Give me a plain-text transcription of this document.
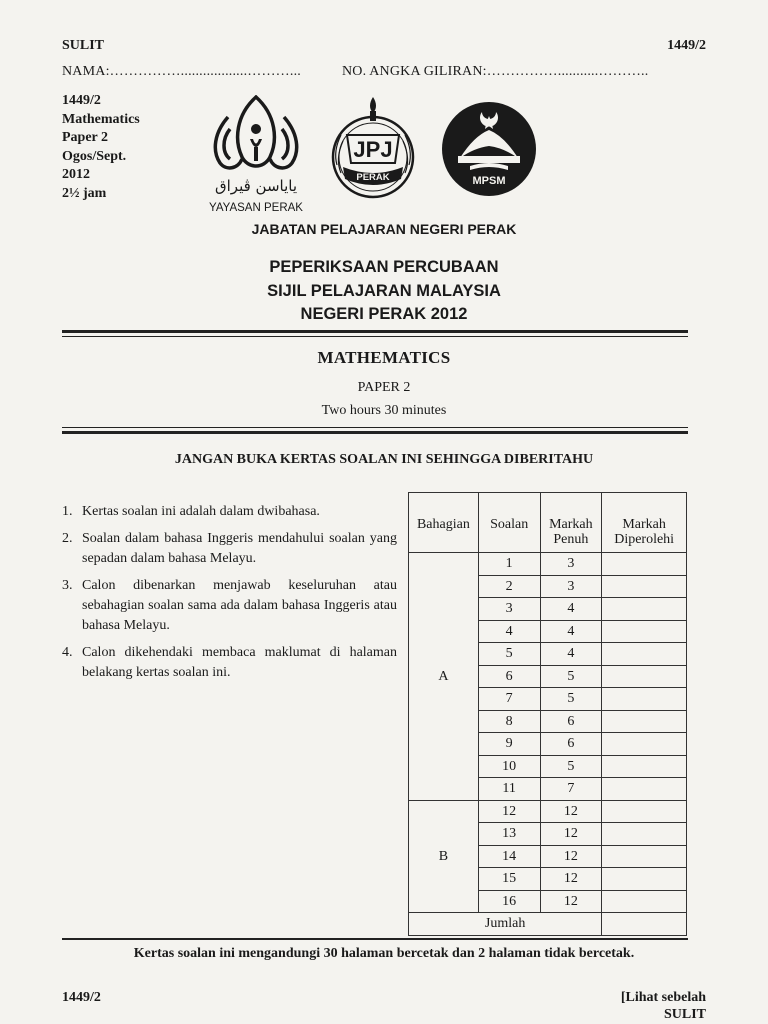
SULIT	1449/2
NAMA:……………..................………...	NO. ANGKA GILIRAN:……………...........………..
1449/2
Mathematics
Paper 2
Ogos/Sept.
2012
2½ jam	ياياسن ڤيراق
YAYASAN PERAK
JPJ
PERAK	MPSM
JABATAN PELAJARAN NEGERI PERAK
PEPERIKSAAN PERCUBAAN
SIJIL PELAJARAN MALAYSIA
NEGERI PERAK 2012
MATHEMATICS
PAPER 2
Two hours 30 minutes
JANGAN BUKA KERTAS SOALAN INI SEHINGGA DIBERITAHU
1. Kertas soalan ini adalah dalam dwibahasa.
2. Soalan dalam bahasa Inggeris mendahului soalan yang sepadan dalam bahasa Melayu.
3. Calon dibenarkan menjawab keseluruhan atau sebahagian soalan sama ada dalam bahasa Inggeris atau bahasa Melayu.
4. Calon dikehendaki membaca maklumat di halaman belakang kertas soalan ini.

Bahagian	Soalan	Markah Penuh	Markah Diperolehi
A	1	3	
	2	3	
	3	4	
	4	4	
	5	4	
	6	5	
	7	5	
	8	6	
	9	6	
	10	5	
	11	7	
B	12	12	
	13	12	
	14	12	
	15	12	
	16	12	
Jumlah			
Kertas soalan ini mengandungi 30 halaman bercetak dan 2 halaman tidak bercetak.
1449/2	[Lihat sebelah
SULIT
